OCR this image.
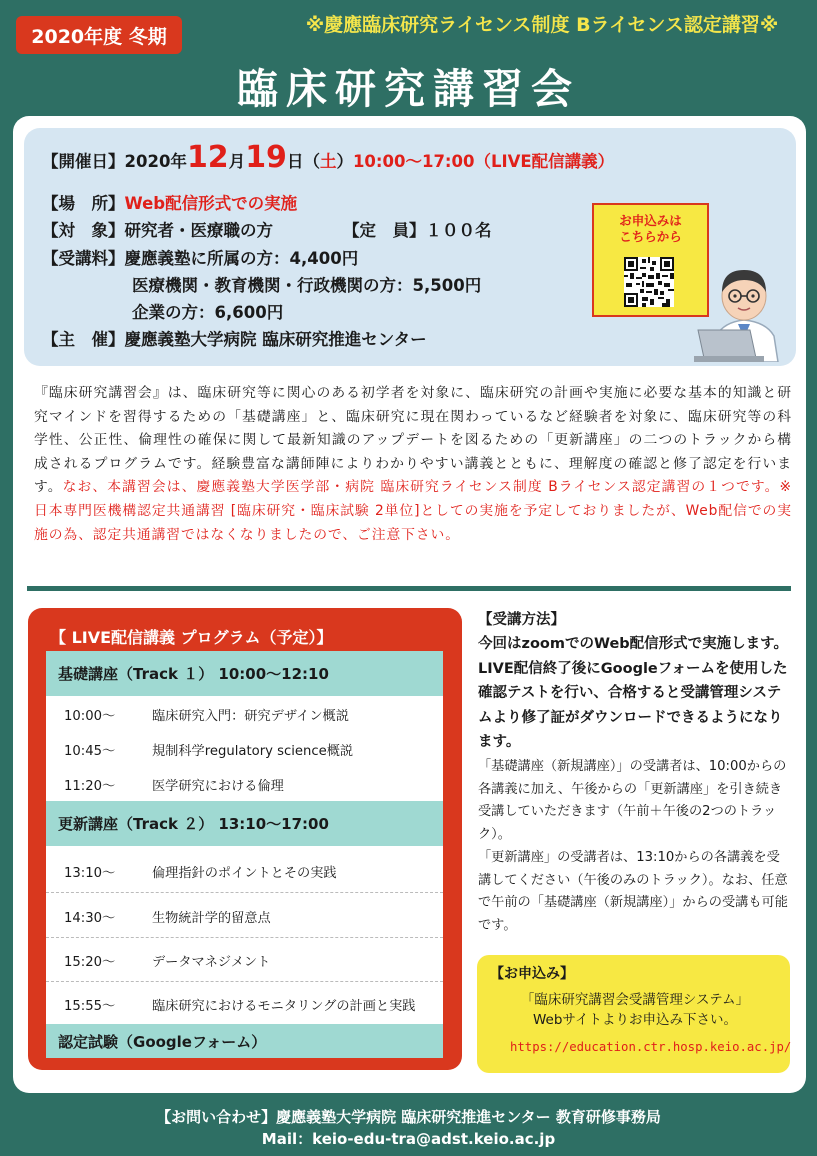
2020年度 冬期
※慶應臨床研究ライセンス制度 Bライセンス認定講習※
臨床研究講習会
【開催日】2020年12月19日（土）10:00～17:00（LIVE配信講義）
【場　所】Web配信形式での実施
【対　象】研究者・医療職の方	【定　員】１００名
【受講料】慶應義塾に所属の方：4,400円
医療機関・教育機関・行政機関の方：5,500円
企業の方：6,600円
【主　催】慶應義塾大学病院 臨床研究推進センター
お申込みは
こちらから
『臨床研究講習会』は、臨床研究等に関心のある初学者を対象に、臨床研究の計画や実施に必要な基本的知識と研究マインドを習得するための「基礎講座」と、臨床研究に現在関わっているなど経験者を対象に、臨床研究等の科学性、公正性、倫理性の確保に関して最新知識のアップデートを図るための「更新講座」の二つのトラックから構成されるプログラムです。経験豊富な講師陣によりわかりやすい講義とともに、理解度の確認と修了認定を行います。なお、本講習会は、慶應義塾大学医学部・病院 臨床研究ライセンス制度 Bライセンス認定講習の１つです。※日本専門医機構認定共通講習 [臨床研究・臨床試験 2単位]としての実施を予定しておりましたが、Web配信での実施の為、認定共通講習ではなくなりましたので、ご注意下さい。
【 LIVE配信講義 プログラム（予定）】
基礎講座（Track １） 10:00～12:10
10:00～	臨床研究入門：研究デザイン概説
10:45～	規制科学regulatory science概説
11:20～	医学研究における倫理
更新講座（Track ２） 13:10～17:00
13:10～	倫理指針のポイントとその実践
14:30～	生物統計学的留意点
15:20～	データマネジメント
15:55～	臨床研究におけるモニタリングの計画と実践
認定試験（Googleフォーム）
【受講方法】
今回はzoomでのWeb配信形式で実施します。LIVE配信終了後にGoogleフォームを使用した確認テストを行い、合格すると受講管理システムより修了証がダウンロードできるようになります。
「基礎講座（新規講座）」の受講者は、10:00からの各講義に加え、午後からの「更新講座」を引き続き受講していただきます（午前＋午後の2つのトラック）。
「更新講座」の受講者は、13:10からの各講義を受講してください（午後のみのトラック）。なお、任意で午前の「基礎講座（新規講座）」からの受講も可能です。
【お申込み】
「臨床研究講習会受講管理システム」
Webサイトよりお申込み下さい。
https://education.ctr.hosp.keio.ac.jp/
【お問い合わせ】慶應義塾大学病院 臨床研究推進センター 教育研修事務局
Mail：keio-edu-tra@adst.keio.ac.jp
